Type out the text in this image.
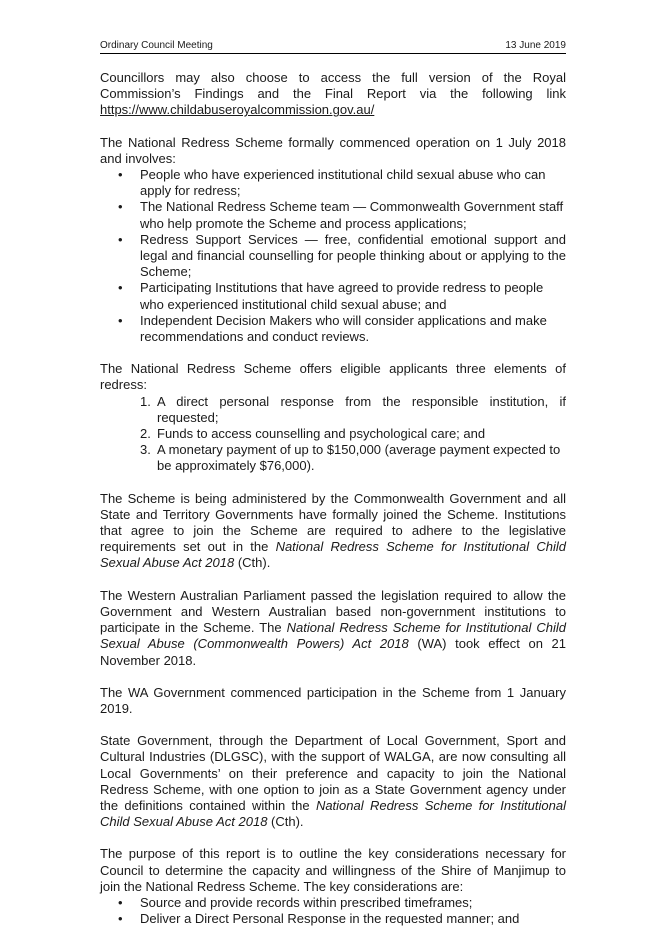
Ordinary Council Meeting	13 June 2019

Councillors may also choose to access the full version of the Royal Commission’s Findings and the Final Report via the following link https://www.childabuseroyalcommission.gov.au/

The National Redress Scheme formally commenced operation on 1 July 2018 and involves:

• People who have experienced institutional child sexual abuse who can apply for redress;
• The National Redress Scheme team — Commonwealth Government staff who help promote the Scheme and process applications;
• Redress Support Services — free, confidential emotional support and legal and financial counselling for people thinking about or applying to the Scheme;
• Participating Institutions that have agreed to provide redress to people who experienced institutional child sexual abuse; and
• Independent Decision Makers who will consider applications and make recommendations and conduct reviews.

The National Redress Scheme offers eligible applicants three elements of redress:

1. A direct personal response from the responsible institution, if requested;
2. Funds to access counselling and psychological care; and
3. A monetary payment of up to $150,000 (average payment expected to be approximately $76,000).

The Scheme is being administered by the Commonwealth Government and all State and Territory Governments have formally joined the Scheme. Institutions that agree to join the Scheme are required to adhere to the legislative requirements set out in the National Redress Scheme for Institutional Child Sexual Abuse Act 2018 (Cth).

The Western Australian Parliament passed the legislation required to allow the Government and Western Australian based non-government institutions to participate in the Scheme. The National Redress Scheme for Institutional Child Sexual Abuse (Commonwealth Powers) Act 2018 (WA) took effect on 21 November 2018.

The WA Government commenced participation in the Scheme from 1 January 2019.

State Government, through the Department of Local Government, Sport and Cultural Industries (DLGSC), with the support of WALGA, are now consulting all Local Governments’ on their preference and capacity to join the National Redress Scheme, with one option to join as a State Government agency under the definitions contained within the National Redress Scheme for Institutional Child Sexual Abuse Act 2018 (Cth).

The purpose of this report is to outline the key considerations necessary for Council to determine the capacity and willingness of the Shire of Manjimup to join the National Redress Scheme. The key considerations are:

• Source and provide records within prescribed timeframes;
• Deliver a Direct Personal Response in the requested manner; and
